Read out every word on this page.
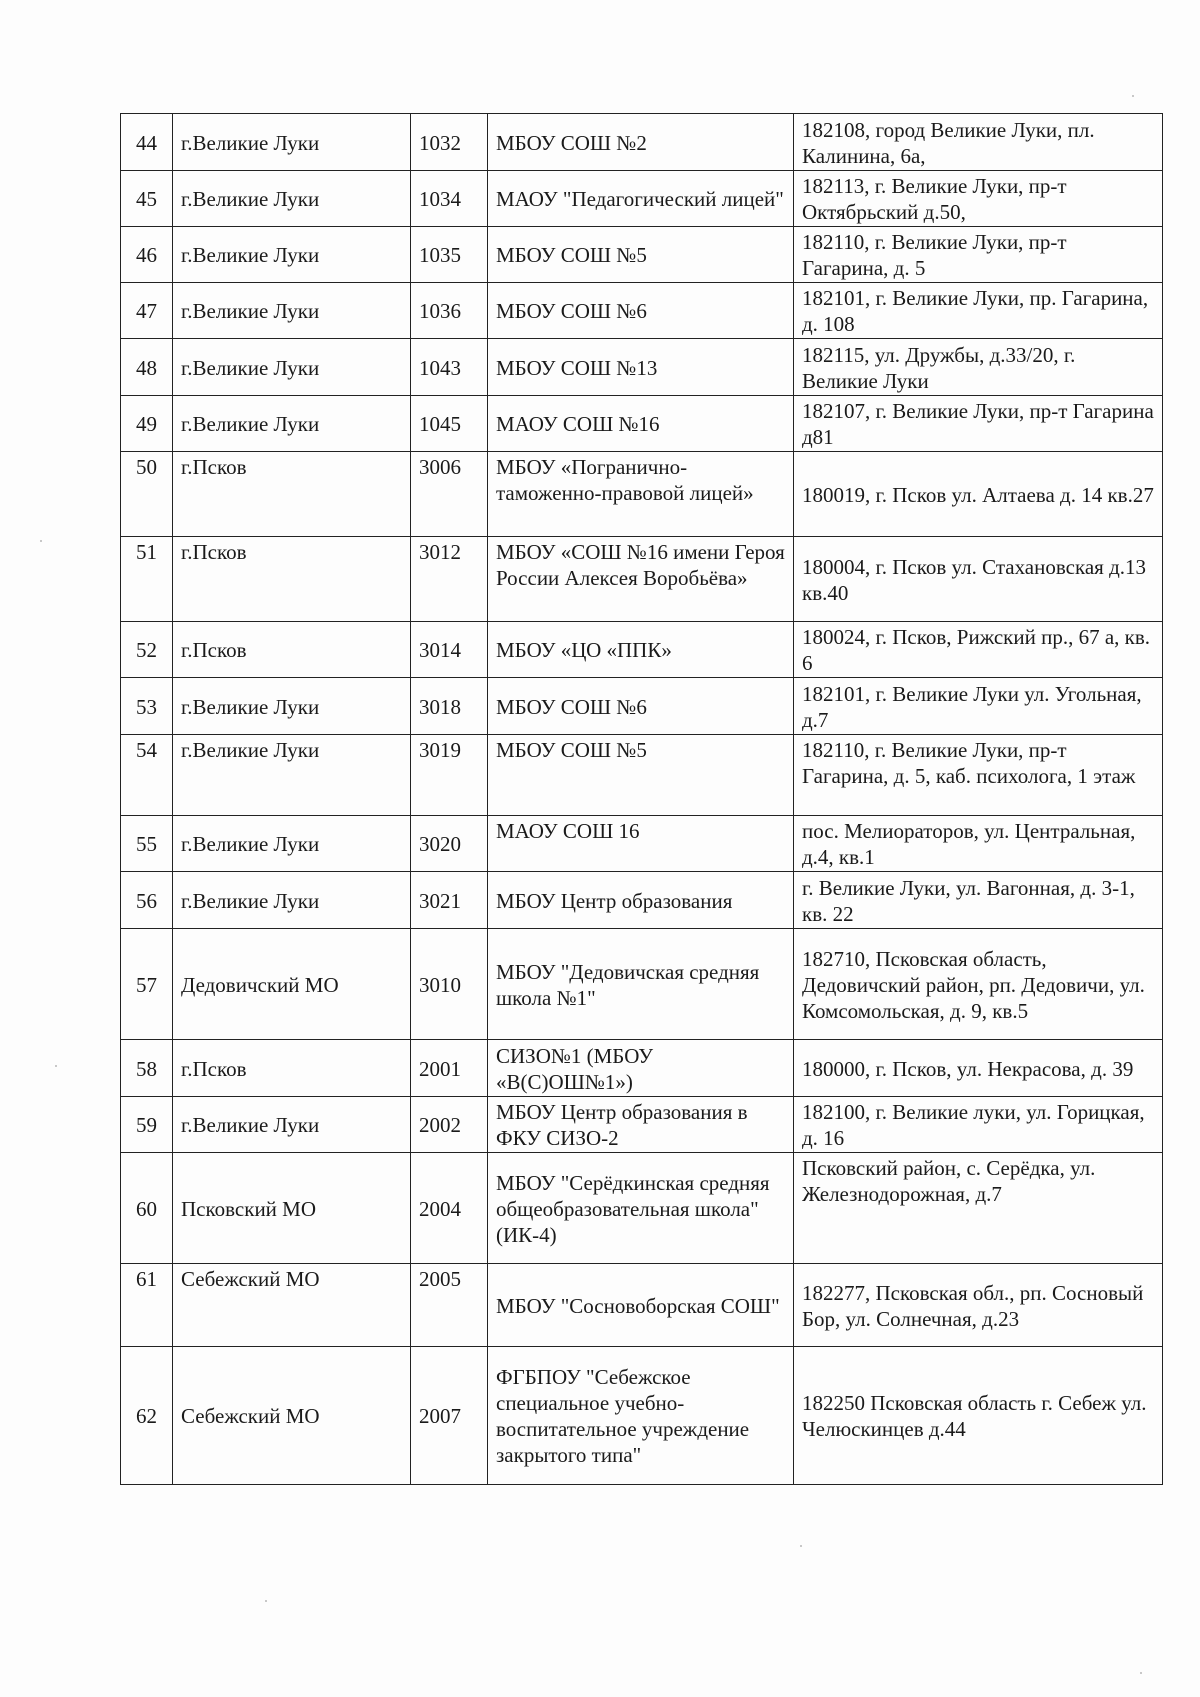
44	г.Великие Луки	1032	МБОУ СОШ №2	182108, город Великие Луки, пл. Калинина, 6а,
45	г.Великие Луки	1034	МАОУ "Педагогический лицей"	182113, г. Великие Луки, пр-т Октябрьский д.50,
46	г.Великие Луки	1035	МБОУ СОШ №5	182110, г. Великие Луки, пр-т Гагарина, д. 5
47	г.Великие Луки	1036	МБОУ СОШ №6	182101, г. Великие Луки, пр. Гагарина, д. 108
48	г.Великие Луки	1043	МБОУ СОШ №13	182115, ул. Дружбы, д.33/20, г. Великие Луки
49	г.Великие Луки	1045	МАОУ СОШ №16	182107, г. Великие Луки, пр-т Гагарина д81
50	г.Псков	3006	МБОУ «Погранично-таможенно-правовой лицей»	180019, г. Псков ул. Алтаева д. 14 кв.27
51	г.Псков	3012	МБОУ «СОШ №16 имени Героя России Алексея Воробьёва»	180004, г. Псков ул. Стахановская д.13 кв.40
52	г.Псков	3014	МБОУ «ЦО «ППК»	180024, г. Псков, Рижский пр., 67 а, кв. 6
53	г.Великие Луки	3018	МБОУ СОШ №6	182101, г. Великие Луки ул. Угольная, д.7
54	г.Великие Луки	3019	МБОУ СОШ №5	182110, г. Великие Луки, пр-т Гагарина, д. 5, каб. психолога, 1 этаж
55	г.Великие Луки	3020	МАОУ СОШ 16	пос. Мелиораторов, ул. Центральная, д.4, кв.1
56	г.Великие Луки	3021	МБОУ Центр образования	г. Великие Луки, ул. Вагонная, д. 3-1, кв. 22
57	Дедовичский МО	3010	МБОУ "Дедовичская средняя школа №1"	182710, Псковская область, Дедовичский район, рп. Дедовичи, ул. Комсомольская, д. 9, кв.5
58	г.Псков	2001	СИЗО№1 (МБОУ «В(С)ОШ№1»)	180000, г. Псков, ул. Некрасова, д. 39
59	г.Великие Луки	2002	МБОУ Центр образования в ФКУ СИЗО-2	182100, г. Великие луки, ул. Горицкая, д. 16
60	Псковский МО	2004	МБОУ "Серёдкинская средняя общеобразовательная школа" (ИК-4)	Псковский район, с. Серёдка, ул. Железнодорожная, д.7
61	Себежский МО	2005	МБОУ "Сосновоборская СОШ"	182277, Псковская обл., рп. Сосновый Бор, ул. Солнечная, д.23
62	Себежский МО	2007	ФГБПОУ "Себежское специальное учебно-воспитательное учреждение закрытого типа"	182250 Псковская область г. Себеж ул. Челюскинцев д.44
